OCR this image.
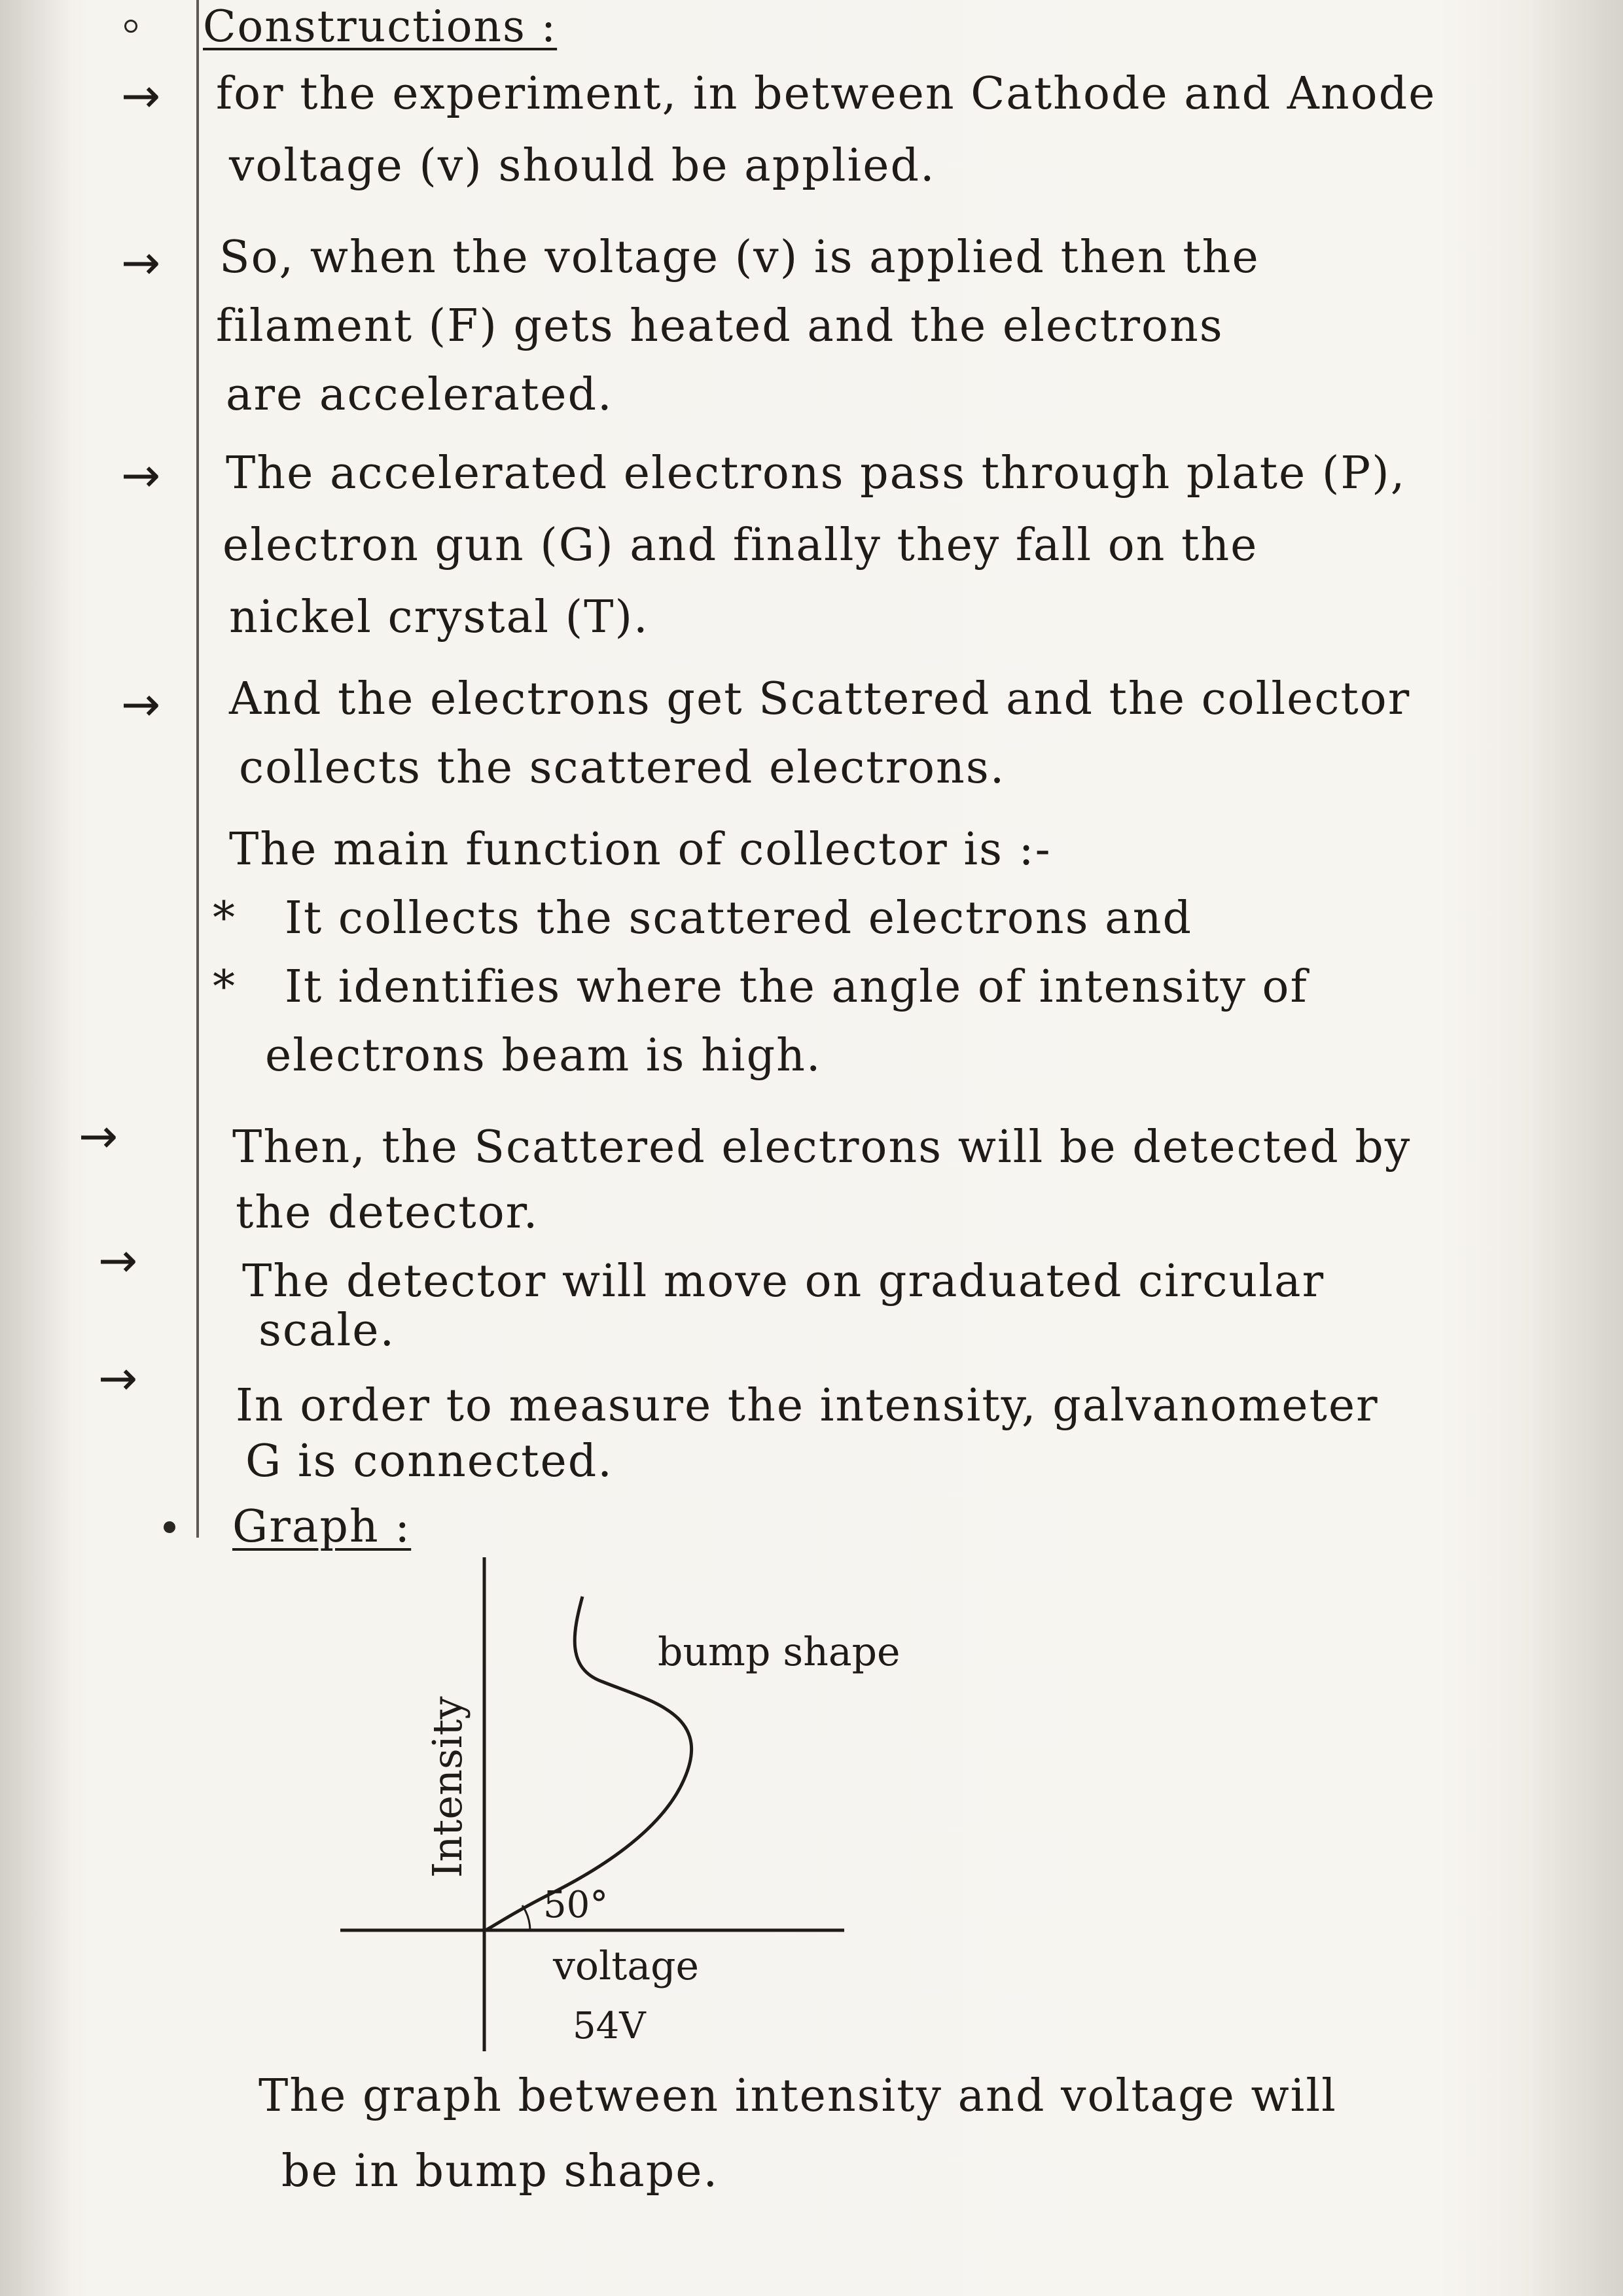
Constructions :
→ for the experiment, in between Cathode and Anode
voltage (v) should be applied.
→ So, when the voltage (v) is applied then the
filament (F) gets heated and the electrons
are accelerated.
→ The accelerated electrons pass through plate (P),
electron gun (G) and finally they fall on the
nickel crystal (T).
→ And the electrons get Scattered and the collector
collects the scattered electrons.
The main function of collector is :-
* It collects the scattered electrons and
* It identifies where the angle of intensity of
electrons beam is high.
→	Then, the Scattered electrons will be detected by
the detector.
→ The detector will move on graduated circular
scale.
→
In order to measure the intensity, galvanometer
G is connected.
Graph :
Intensity
bump shape
50°
voltage
54V
The graph between intensity and voltage will
be in bump shape.
